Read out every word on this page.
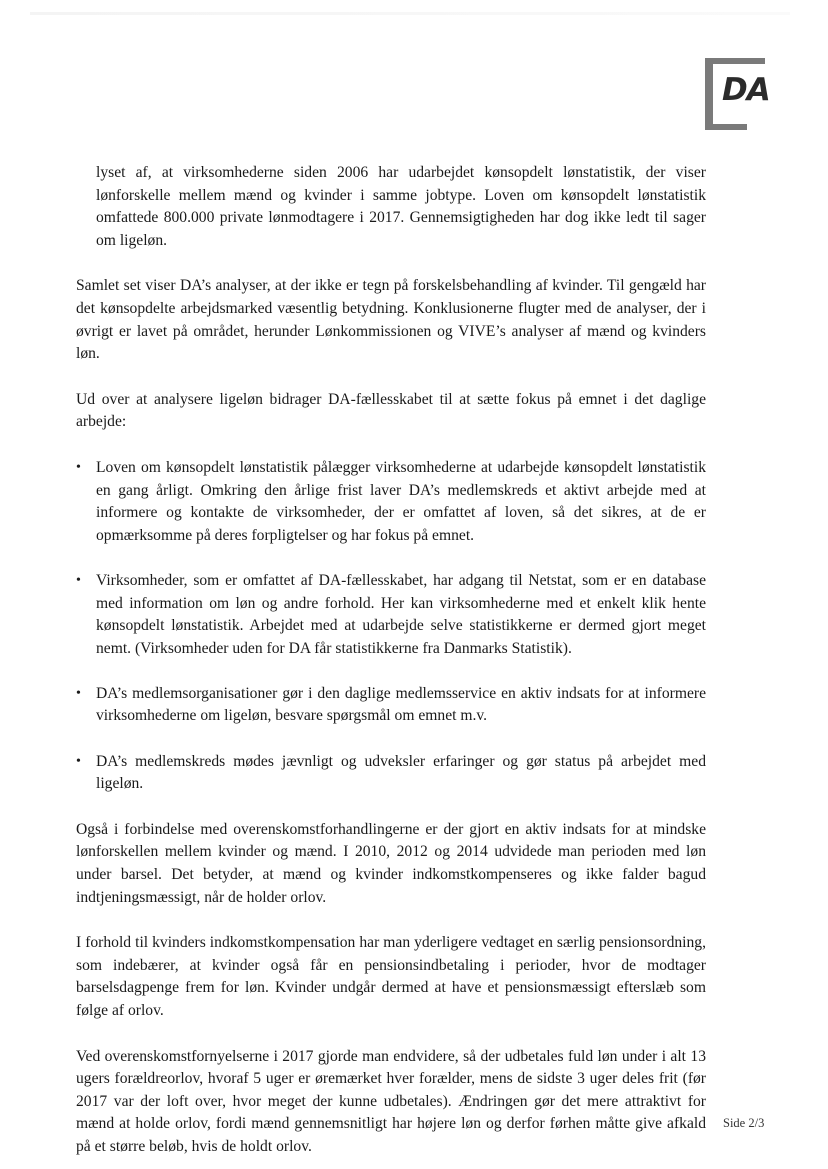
DA

lyset af, at virksomhederne siden 2006 har udarbejdet kønsopdelt lønstatistik, der viser lønforskelle mellem mænd og kvinder i samme jobtype. Loven om kønsopdelt lønstatistik omfattede 800.000 private lønmodtagere i 2017. Gennemsigtigheden har dog ikke ledt til sager om ligeløn.

Samlet set viser DA’s analyser, at der ikke er tegn på forskelsbehandling af kvinder. Til gengæld har det kønsopdelte arbejdsmarked væsentlig betydning. Konklusionerne flugter med de analyser, der i øvrigt er lavet på området, herunder Lønkommissionen og VIVE’s analyser af mænd og kvinders løn.

Ud over at analysere ligeløn bidrager DA-fællesskabet til at sætte fokus på emnet i det daglige arbejde:

• Loven om kønsopdelt lønstatistik pålægger virksomhederne at udarbejde kønsopdelt lønstatistik en gang årligt. Omkring den årlige frist laver DA’s medlemskreds et aktivt arbejde med at informere og kontakte de virksomheder, der er omfattet af loven, så det sikres, at de er opmærksomme på deres forpligtelser og har fokus på emnet.
• Virksomheder, som er omfattet af DA-fællesskabet, har adgang til Netstat, som er en database med information om løn og andre forhold. Her kan virksomhederne med et enkelt klik hente kønsopdelt lønstatistik. Arbejdet med at udarbejde selve statistikkerne er dermed gjort meget nemt. (Virksomheder uden for DA får statistikkerne fra Danmarks Statistik).
• DA’s medlemsorganisationer gør i den daglige medlemsservice en aktiv indsats for at informere virksomhederne om ligeløn, besvare spørgsmål om emnet m.v.
• DA’s medlemskreds mødes jævnligt og udveksler erfaringer og gør status på arbejdet med ligeløn.

Også i forbindelse med overenskomstforhandlingerne er der gjort en aktiv indsats for at mindske lønforskellen mellem kvinder og mænd. I 2010, 2012 og 2014 udvidede man perioden med løn under barsel. Det betyder, at mænd og kvinder indkomstkompenseres og ikke falder bagud indtjeningsmæssigt, når de holder orlov.

I forhold til kvinders indkomstkompensation har man yderligere vedtaget en særlig pensionsordning, som indebærer, at kvinder også får en pensionsindbetaling i perioder, hvor de modtager barselsdagpenge frem for løn. Kvinder undgår dermed at have et pensionsmæssigt efterslæb som følge af orlov.

Ved overenskomstfornyelserne i 2017 gjorde man endvidere, så der udbetales fuld løn under i alt 13 ugers forældreorlov, hvoraf 5 uger er øremærket hver forælder, mens de sidste 3 uger deles frit (før 2017 var der loft over, hvor meget der kunne udbetales). Ændringen gør det mere attraktivt for mænd at holde orlov, fordi mænd gennemsnitligt har højere løn og derfor førhen måtte give afkald på et større beløb, hvis de holdt orlov.

Side 2/3
